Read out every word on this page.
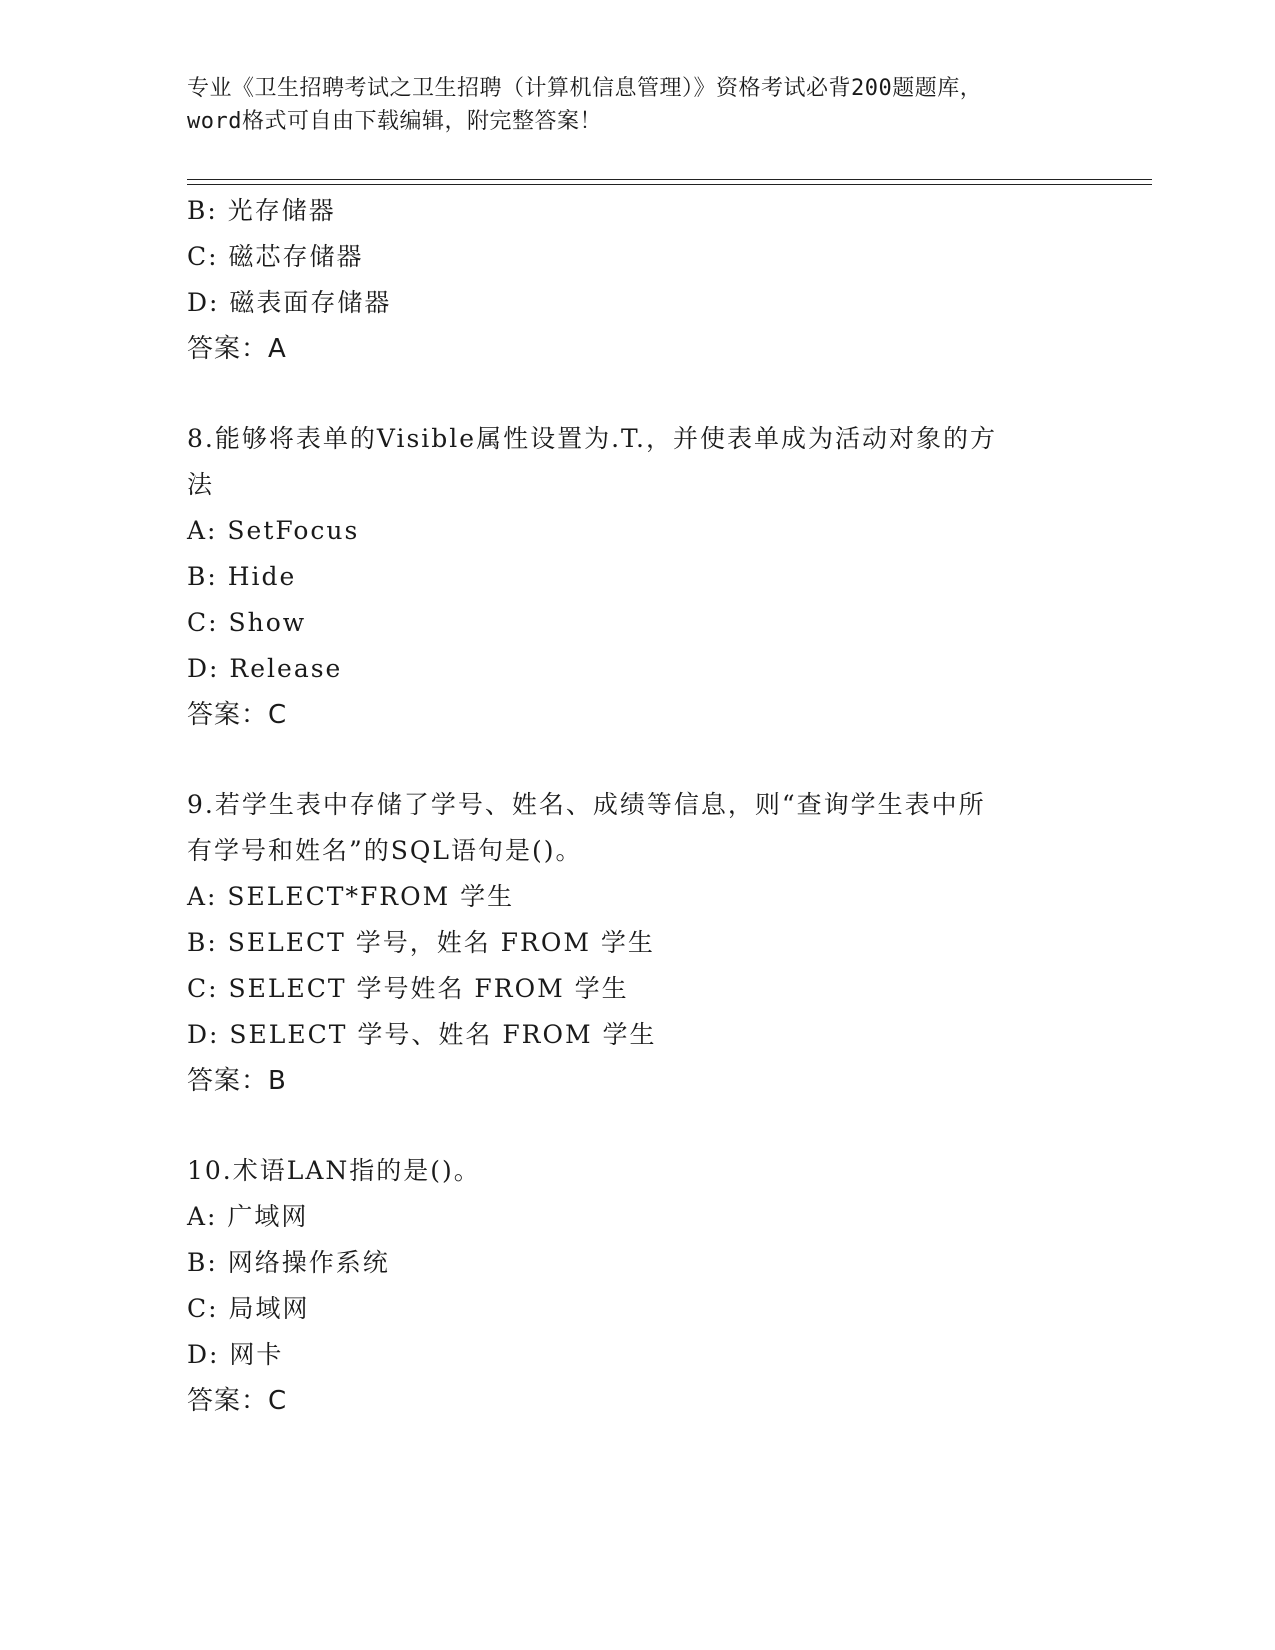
专业《卫生招聘考试之卫生招聘（计算机信息管理）》资格考试必背200题题库，
word格式可自由下载编辑，附完整答案！
B: 光存储器
C: 磁芯存储器
D: 磁表面存储器
答案：A
8.能够将表单的Visible属性设置为.T.，并使表单成为活动对象的方
法
A: SetFocus
B: Hide
C: Show
D: Release
答案：C
9.若学生表中存储了学号、姓名、成绩等信息，则“查询学生表中所
有学号和姓名”的SQL语句是()。
A: SELECT*FROM 学生
B: SELECT 学号，姓名 FROM 学生
C: SELECT 学号姓名 FROM 学生
D: SELECT 学号、姓名 FROM 学生
答案：B
10.术语LAN指的是()。
A: 广域网
B: 网络操作系统
C: 局域网
D: 网卡
答案：C
